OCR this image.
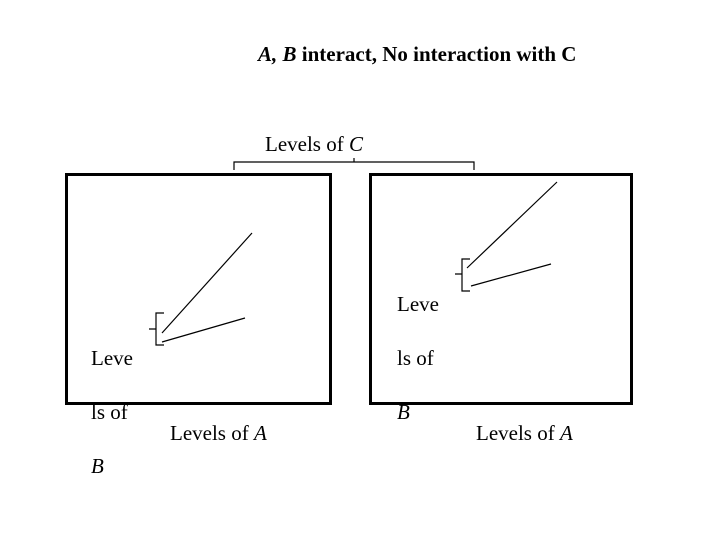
A, B interact, No interaction with C
Levels of C

Leve

ls of

B

Leve

ls of

B

Levels of A	Levels of A
